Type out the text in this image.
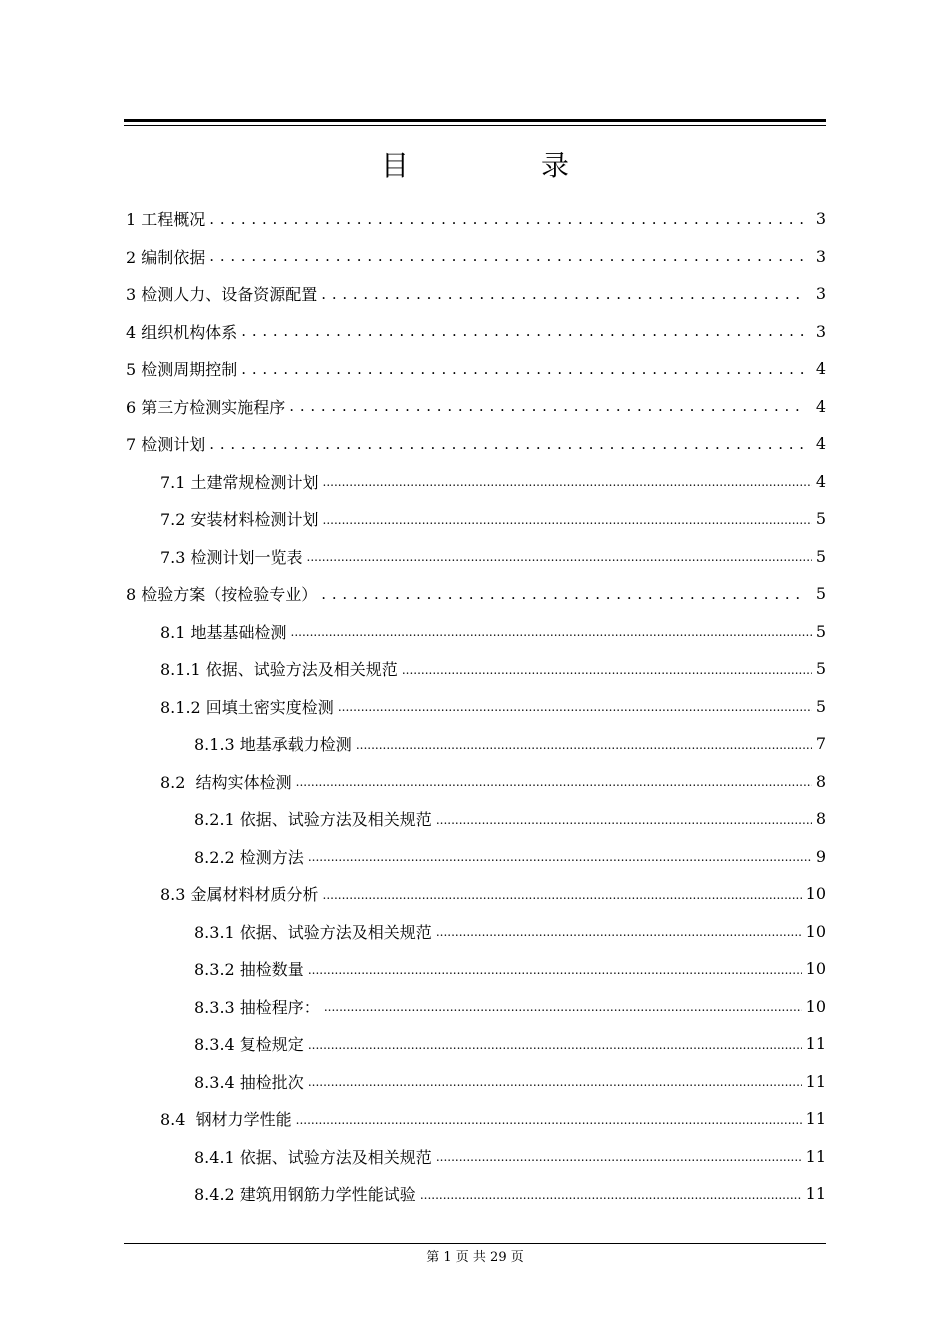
目　录
1 工程概况 . . .	3
2 编制依据 . . .	3
3 检测人力、设备资源配置 . . .	3
4 组织机构体系 . . .	3
5 检测周期控制 . . .	4
6 第三方检测实施程序 . . .	4
7 检测计划 . . .	4
7.1 土建常规检测计划 .....	4
7.2 安装材料检测计划 .....	5
7.3 检测计划一览表 .....	5
8 检验方案（按检验专业） . . .	5
8.1 地基基础检测 .....	5
8.1.1 依据、试验方法及相关规范 .....	5
8.1.2 回填土密实度检测 .....	5
8.1.3 地基承载力检测 .....	7
8.2  结构实体检测 .....	8
8.2.1 依据、试验方法及相关规范 .....	8
8.2.2 检测方法 .....	9
8.3 金属材料材质分析 .....	10
8.3.1 依据、试验方法及相关规范 .....	10
8.3.2 抽检数量 .....	10
8.3.3 抽检程序： .....	10
8.3.4 复检规定 .....	11
8.3.4 抽检批次 .....	11
8.4  钢材力学性能 .....	11
8.4.1 依据、试验方法及相关规范 .....	11
8.4.2 建筑用钢筋力学性能试验 .....	11
第 1 页 共 29 页
